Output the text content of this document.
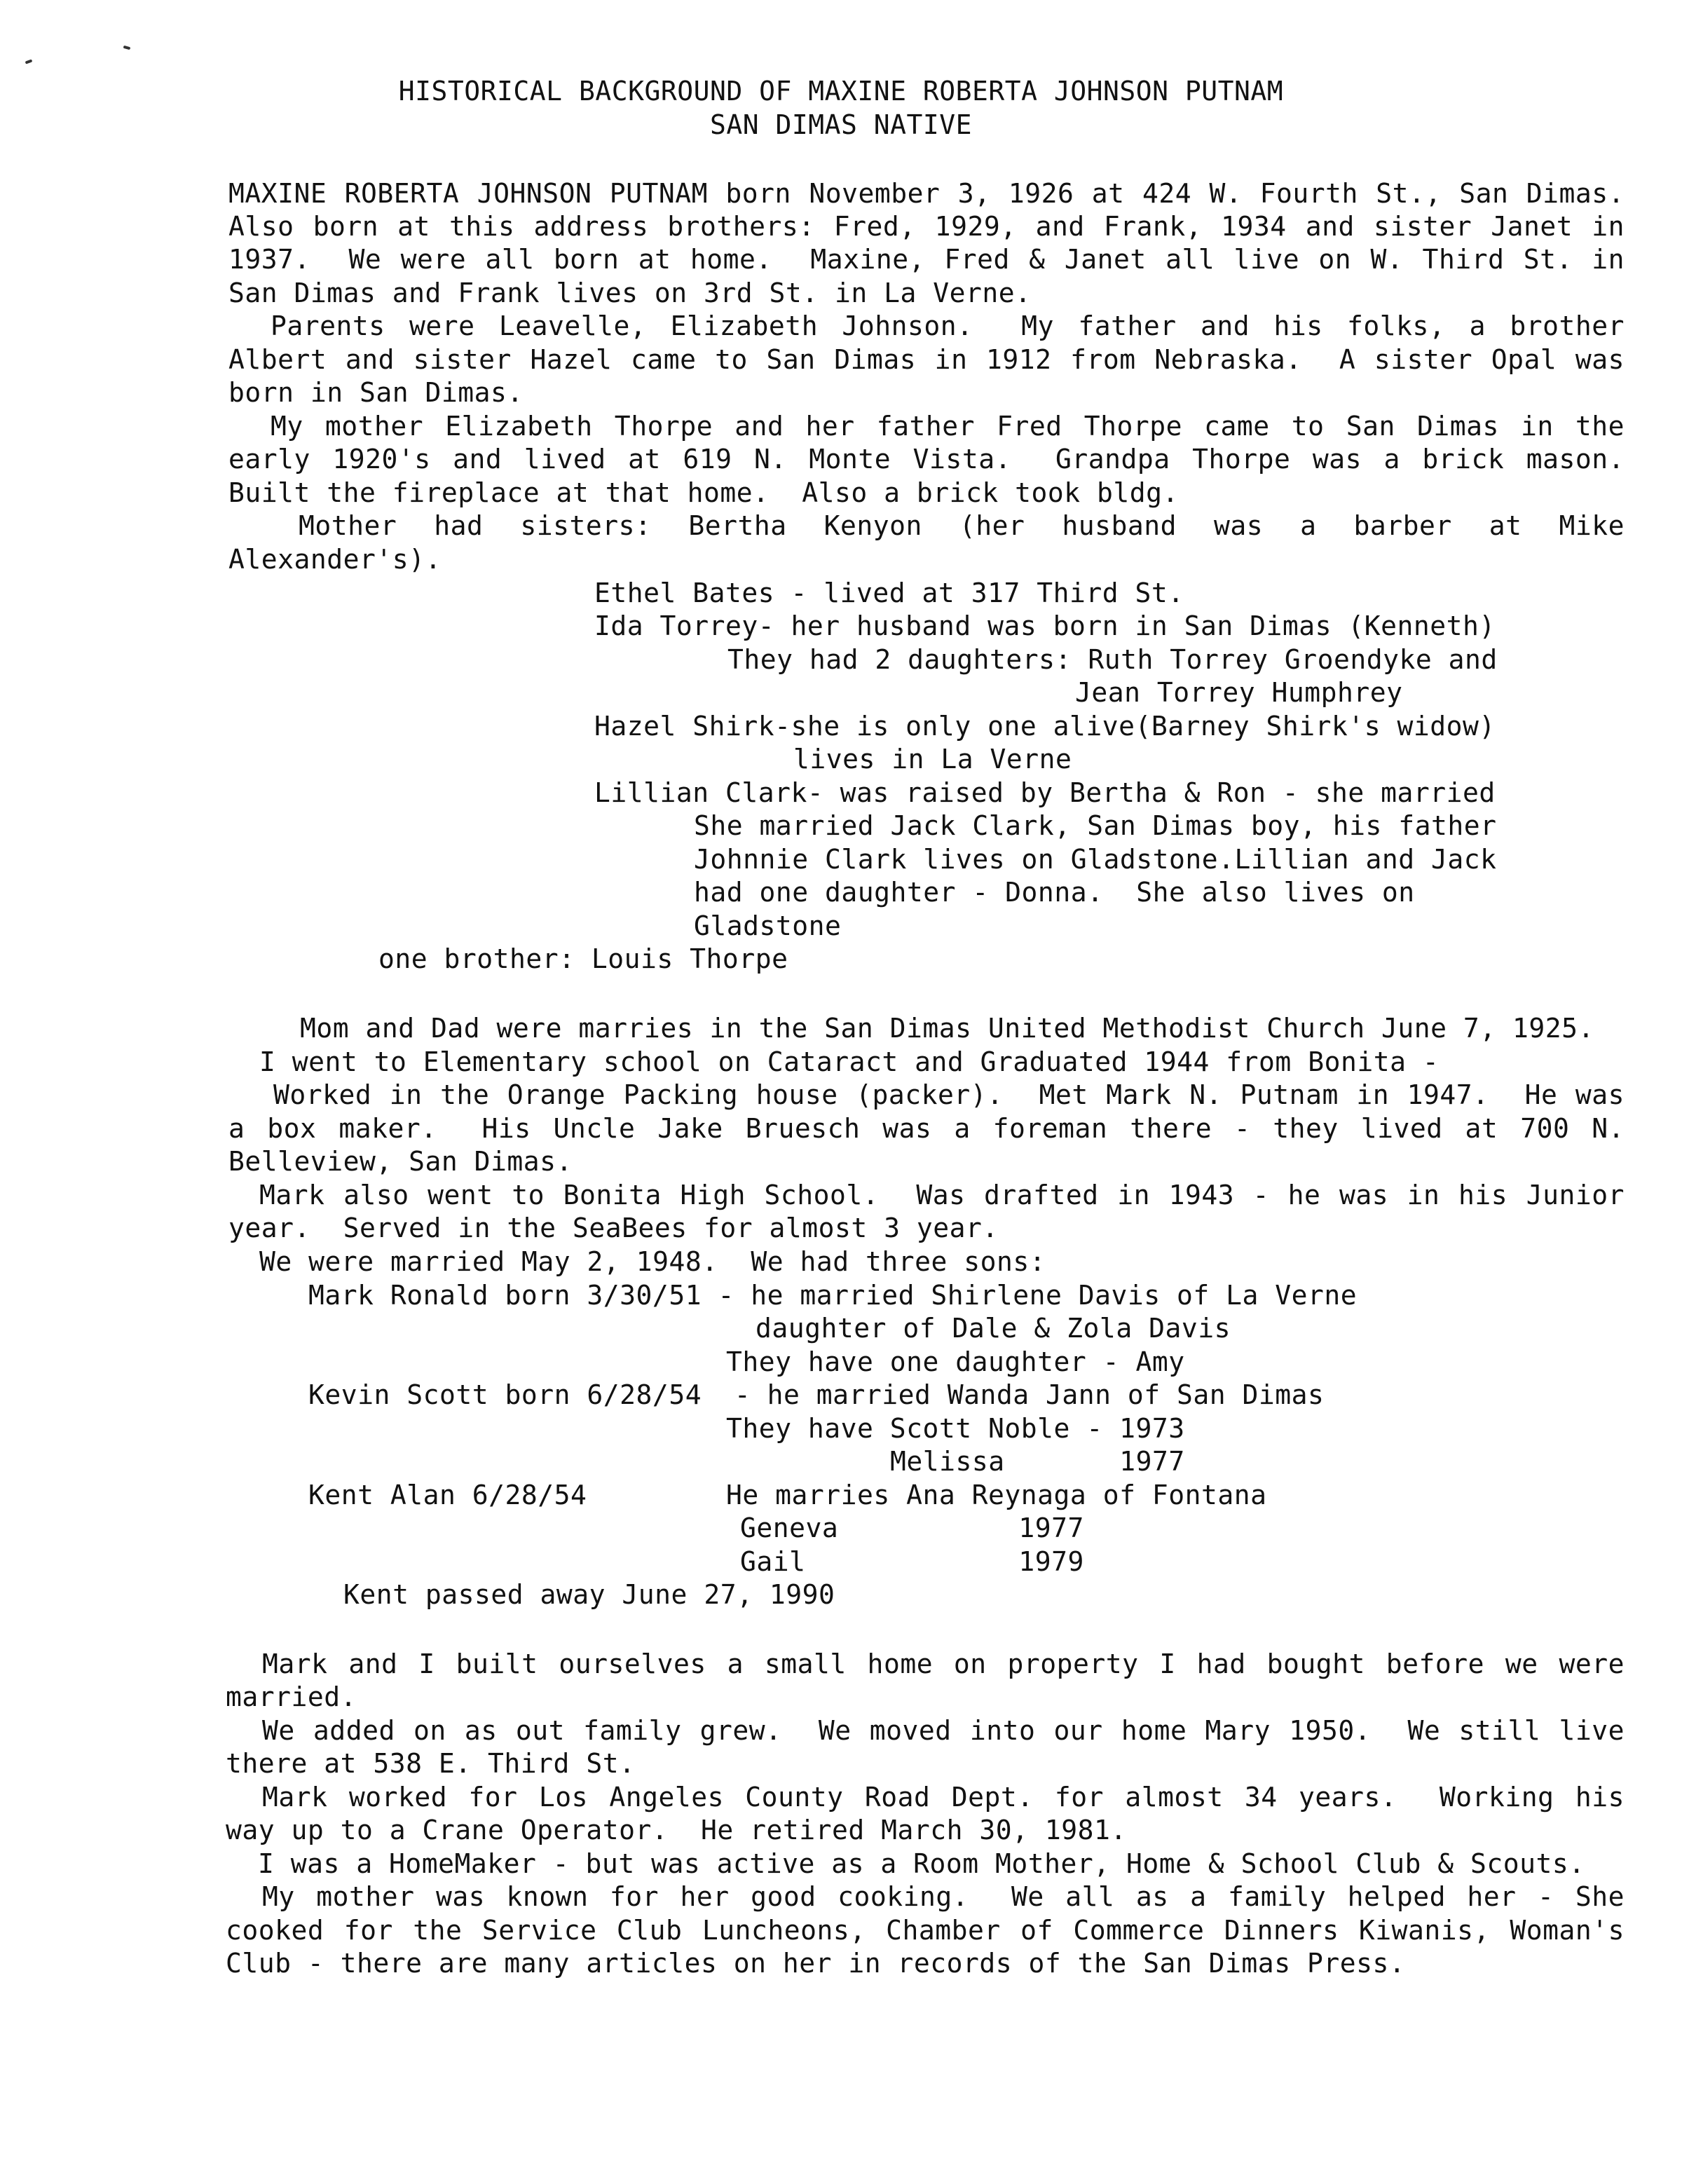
HISTORICAL BACKGROUND OF MAXINE ROBERTA JOHNSON PUTNAM
SAN DIMAS NATIVE
MAXINE ROBERTA JOHNSON PUTNAM born November 3, 1926 at 424 W. Fourth St., San Dimas.
Also born at this address brothers: Fred, 1929, and Frank, 1934 and sister Janet in
1937.  We were all born at home.  Maxine, Fred & Janet all live on W. Third St. in
San Dimas and Frank lives on 3rd St. in La Verne.
Parents were Leavelle, Elizabeth Johnson.  My father and his folks, a brother
Albert and sister Hazel came to San Dimas in 1912 from Nebraska.  A sister Opal was
born in San Dimas.
My mother Elizabeth Thorpe and her father Fred Thorpe came to San Dimas in the
early 1920's and lived at 619 N. Monte Vista.  Grandpa Thorpe was a brick mason.
Built the fireplace at that home.  Also a brick took bldg.
Mother had sisters: Bertha Kenyon (her husband was a barber at Mike
Alexander's).
Ethel Bates - lived at 317 Third St.
Ida Torrey- her husband was born in San Dimas (Kenneth)
They had 2 daughters: Ruth Torrey Groendyke and
Jean Torrey Humphrey
Hazel Shirk-she is only one alive(Barney Shirk's widow)
lives in La Verne
Lillian Clark- was raised by Bertha & Ron - she married
She married Jack Clark, San Dimas boy, his father
Johnnie Clark lives on Gladstone.Lillian and Jack
had one daughter - Donna.  She also lives on
Gladstone
one brother: Louis Thorpe
Mom and Dad were marries in the San Dimas United Methodist Church June 7, 1925.
I went to Elementary school on Cataract and Graduated 1944 from Bonita -
Worked in the Orange Packing house (packer).  Met Mark N. Putnam in 1947.  He was
a box maker.  His Uncle Jake Bruesch was a foreman there - they lived at 700 N.
Belleview, San Dimas.
Mark also went to Bonita High School.  Was drafted in 1943 - he was in his Junior
year.  Served in the SeaBees for almost 3 year.
We were married May 2, 1948.  We had three sons:
Mark Ronald born 3/30/51 - he married Shirlene Davis of La Verne
daughter of Dale & Zola Davis
They have one daughter - Amy
Kevin Scott born 6/28/54  - he married Wanda Jann of San Dimas
They have Scott Noble - 1973
Melissa       1977
Kent Alan 6/28/54	He marries Ana Reynaga of Fontana
Geneva           1977
Gail             1979
Kent passed away June 27, 1990
Mark and I built ourselves a small home on property I had bought before we were
married.
We added on as out family grew.  We moved into our home Mary 1950.  We still live
there at 538 E. Third St.
Mark worked for Los Angeles County Road Dept. for almost 34 years.  Working his
way up to a Crane Operator.  He retired March 30, 1981.
I was a HomeMaker - but was active as a Room Mother, Home & School Club & Scouts.
My mother was known for her good cooking.  We all as a family helped her - She
cooked for the Service Club Luncheons, Chamber of Commerce Dinners Kiwanis, Woman's
Club - there are many articles on her in records of the San Dimas Press.
